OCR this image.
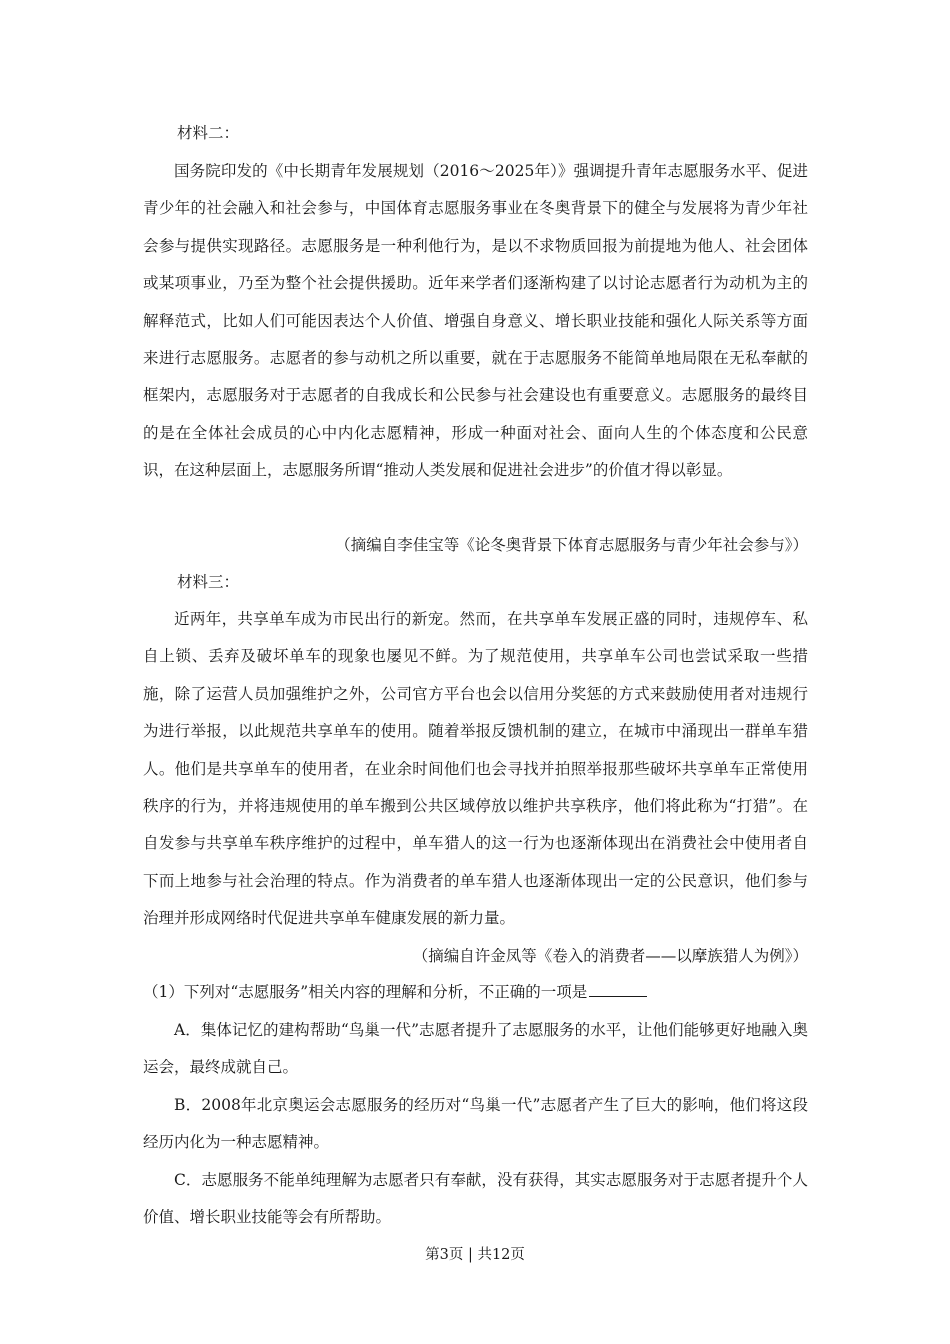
材料二：

国务院印发的《中长期青年发展规划（2016～2025年）》强调提升青年志愿服务水平、促进青少年的社会融入和社会参与，中国体育志愿服务事业在冬奥背景下的健全与发展将为青少年社会参与提供实现路径。志愿服务是一种利他行为，是以不求物质回报为前提地为他人、社会团体或某项事业，乃至为整个社会提供援助。近年来学者们逐渐构建了以讨论志愿者行为动机为主的解释范式，比如人们可能因表达个人价值、增强自身意义、增长职业技能和强化人际关系等方面来进行志愿服务。志愿者的参与动机之所以重要，就在于志愿服务不能简单地局限在无私奉献的框架内，志愿服务对于志愿者的自我成长和公民参与社会建设也有重要意义。志愿服务的最终目的是在全体社会成员的心中内化志愿精神，形成一种面对社会、面向人生的个体态度和公民意识，在这种层面上，志愿服务所谓“推动人类发展和促进社会进步”的价值才得以彰显。

（摘编自李佳宝等《论冬奥背景下体育志愿服务与青少年社会参与》）
材料三：

近两年，共享单车成为市民出行的新宠。然而，在共享单车发展正盛的同时，违规停车、私自上锁、丢弃及破坏单车的现象也屡见不鲜。为了规范使用，共享单车公司也尝试采取一些措施，除了运营人员加强维护之外，公司官方平台也会以信用分奖惩的方式来鼓励使用者对违规行为进行举报，以此规范共享单车的使用。随着举报反馈机制的建立，在城市中涌现出一群单车猎人。他们是共享单车的使用者，在业余时间他们也会寻找并拍照举报那些破坏共享单车正常使用秩序的行为，并将违规使用的单车搬到公共区域停放以维护共享秩序，他们将此称为“打猎”。在自发参与共享单车秩序维护的过程中，单车猎人的这一行为也逐渐体现出在消费社会中使用者自下而上地参与社会治理的特点。作为消费者的单车猎人也逐渐体现出一定的公民意识，他们参与治理并形成网络时代促进共享单车健康发展的新力量。

（摘编自许金凤等《卷入的消费者——以摩族猎人为例》）
（1）下列对“志愿服务”相关内容的理解和分析，不正确的一项是

A．集体记忆的建构帮助“鸟巢一代”志愿者提升了志愿服务的水平，让他们能够更好地融入奥运会，最终成就自己。

B．2008年北京奥运会志愿服务的经历对“鸟巢一代”志愿者产生了巨大的影响，他们将这段经历内化为一种志愿精神。

C．志愿服务不能单纯理解为志愿者只有奉献，没有获得，其实志愿服务对于志愿者提升个人价值、增长职业技能等会有所帮助。

第3页 | 共12页
